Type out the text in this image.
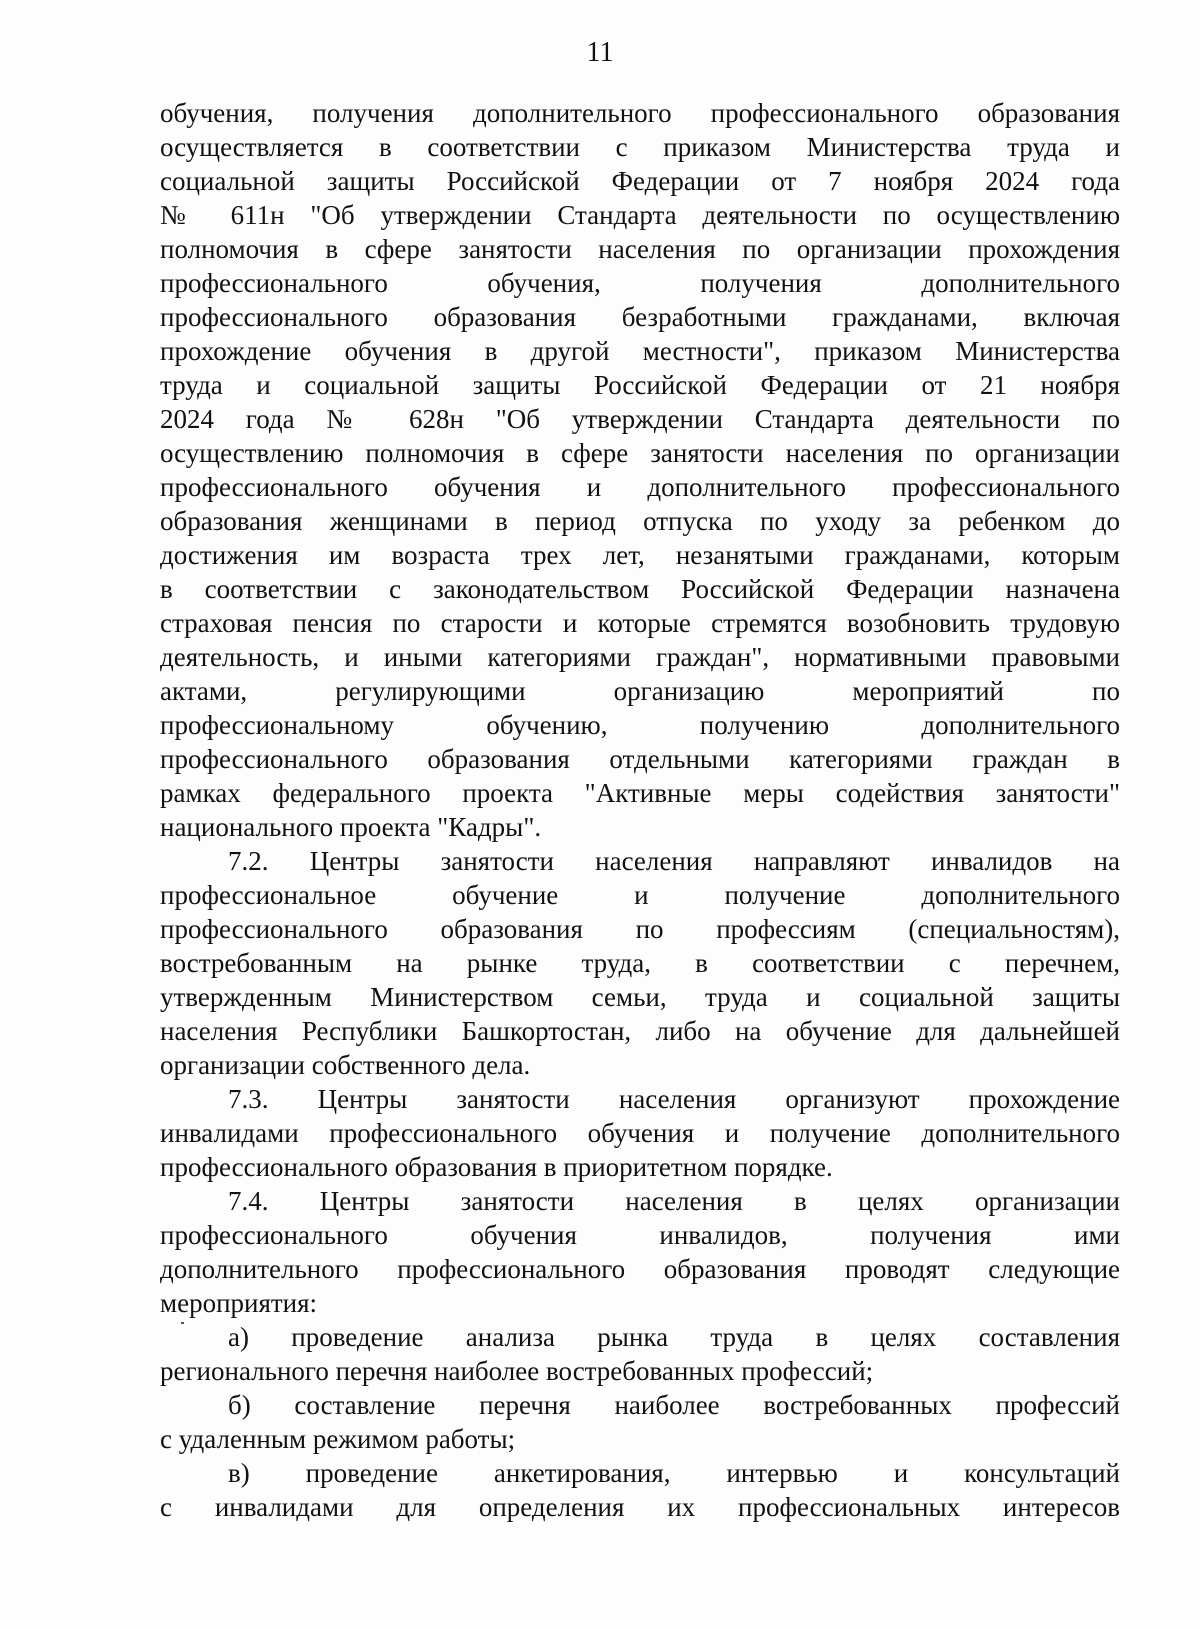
11
обучения, получения дополнительного профессионального образования
осуществляется в соответствии с приказом Министерства труда и
социальной защиты Российской Федерации от 7 ноября 2024 года
№ 611н "Об утверждении Стандарта деятельности по осуществлению
полномочия в сфере занятости населения по организации прохождения
профессионального обучения, получения дополнительного
профессионального образования безработными гражданами, включая
прохождение обучения в другой местности", приказом Министерства
труда и социальной защиты Российской Федерации от 21 ноября
2024 года № 628н "Об утверждении Стандарта деятельности по
осуществлению полномочия в сфере занятости населения по организации
профессионального обучения и дополнительного профессионального
образования женщинами в период отпуска по уходу за ребенком до
достижения им возраста трех лет, незанятыми гражданами, которым
в соответствии с законодательством Российской Федерации назначена
страховая пенсия по старости и которые стремятся возобновить трудовую
деятельность, и иными категориями граждан", нормативными правовыми
актами, регулирующими организацию мероприятий по
профессиональному обучению, получению дополнительного
профессионального образования отдельными категориями граждан в
рамках федерального проекта "Активные меры содействия занятости"
национального проекта "Кадры".
7.2. Центры занятости населения направляют инвалидов на
профессиональное обучение и получение дополнительного
профессионального образования по профессиям (специальностям),
востребованным на рынке труда, в соответствии с перечнем,
утвержденным Министерством семьи, труда и социальной защиты
населения Республики Башкортостан, либо на обучение для дальнейшей
организации собственного дела.
7.3. Центры занятости населения организуют прохождение
инвалидами профессионального обучения и получение дополнительного
профессионального образования в приоритетном порядке.
7.4. Центры занятости населения в целях организации
профессионального обучения инвалидов, получения ими
дополнительного профессионального образования проводят следующие
мероприятия:
а) проведение анализа рынка труда в целях составления
регионального перечня наиболее востребованных профессий;
б) составление перечня наиболее востребованных профессий
с удаленным режимом работы;
в) проведение анкетирования, интервью и консультаций
с инвалидами для определения их профессиональных интересов
